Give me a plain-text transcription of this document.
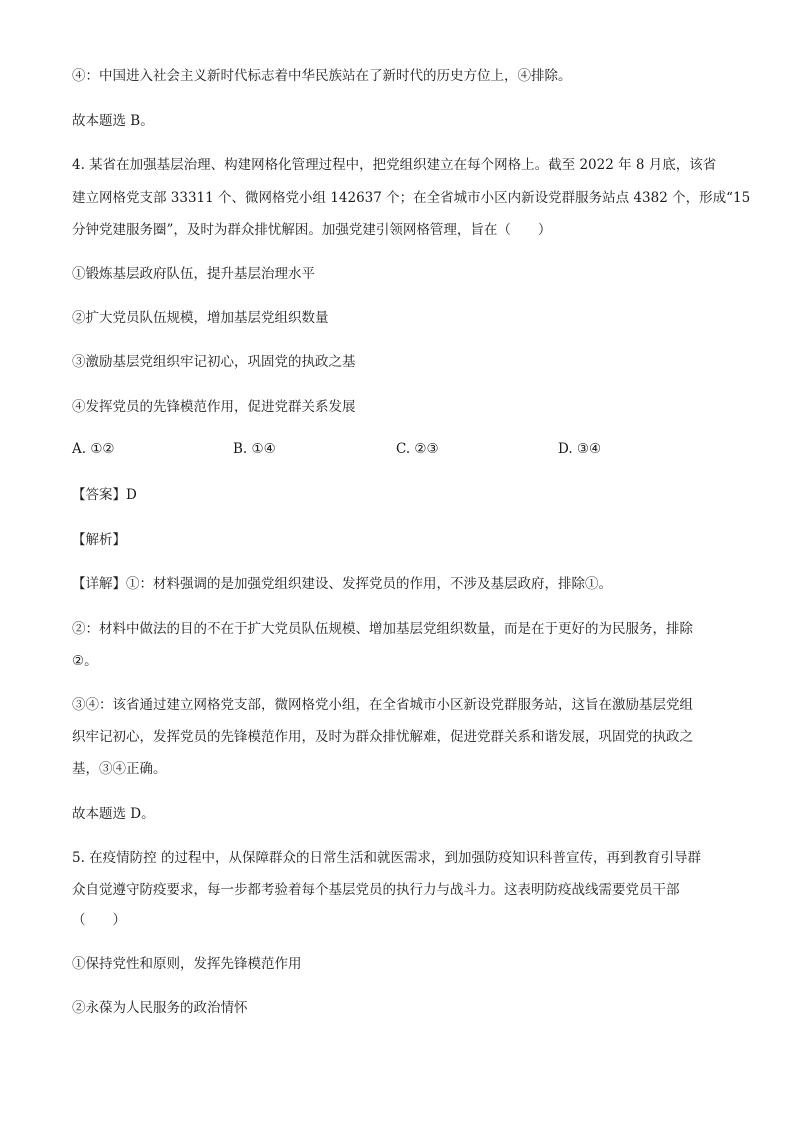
④：中国进入社会主义新时代标志着中华民族站在了新时代的历史方位上，④排除。
故本题选 B。
4. 某省在加强基层治理、构建网格化管理过程中，把党组织建立在每个网格上。截至 2022 年 8 月底，该省
建立网格党支部 33311 个、微网格党小组 142637 个；在全省城市小区内新设党群服务站点 4382 个，形成“15
分钟党建服务圈”，及时为群众排忧解困。加强党建引领网格管理，旨在（　　）
①锻炼基层政府队伍，提升基层治理水平
②扩大党员队伍规模，增加基层党组织数量
③激励基层党组织牢记初心，巩固党的执政之基
④发挥党员的先锋模范作用，促进党群关系发展
A. ①②	B. ①④	C. ②③	D. ③④
【答案】D
【解析】
【详解】①：材料强调的是加强党组织建设、发挥党员的作用，不涉及基层政府，排除①。
②：材料中做法的目的不在于扩大党员队伍规模、增加基层党组织数量，而是在于更好的为民服务，排除
②。
③④：该省通过建立网格党支部，微网格党小组，在全省城市小区新设党群服务站，这旨在激励基层党组
织牢记初心，发挥党员的先锋模范作用，及时为群众排忧解难，促进党群关系和谐发展，巩固党的执政之
基，③④正确。
故本题选 D。
5. 在疫情防控 的过程中，从保障群众的日常生活和就医需求，到加强防疫知识科普宣传，再到教育引导群
众自觉遵守防疫要求，每一步都考验着每个基层党员的执行力与战斗力。这表明防疫战线需要党员干部
（　　）
①保持党性和原则，发挥先锋模范作用
②永葆为人民服务的政治情怀
